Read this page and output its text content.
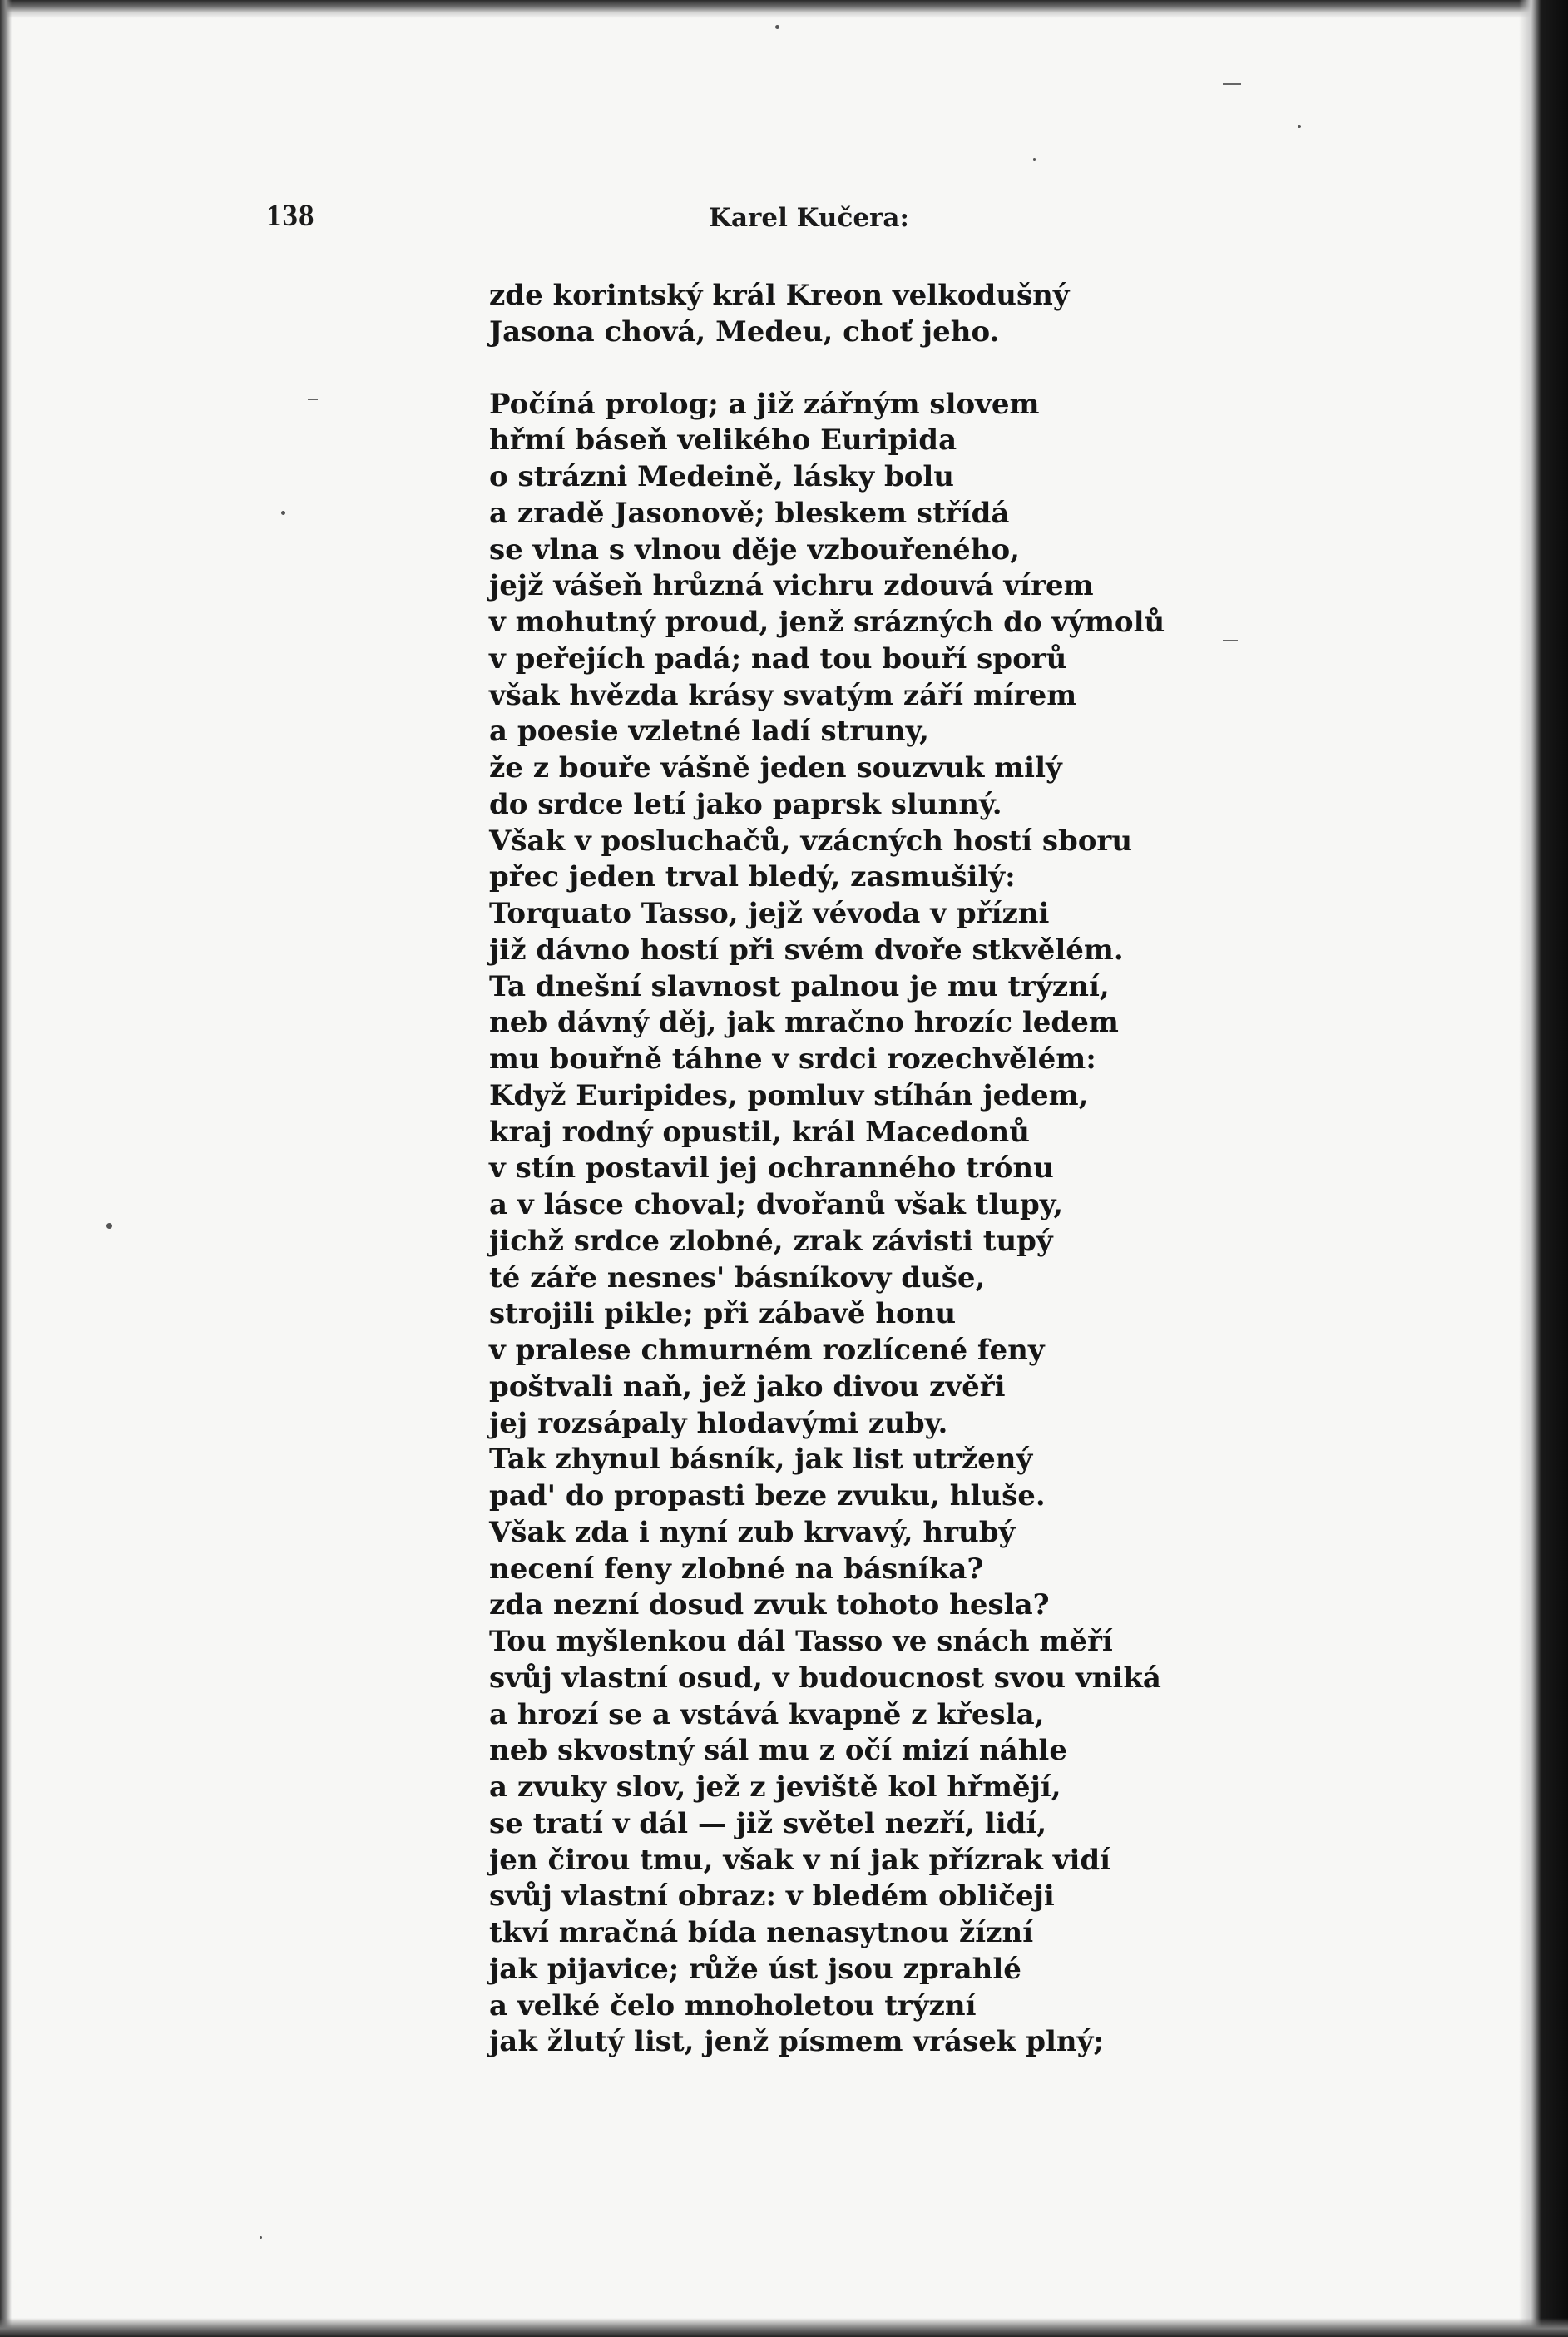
138	Karel Kučera:
zde korintský král Kreon velkodušný
Jasona chová, Medeu, choť jeho.
Počíná prolog; a již zářným slovem
hřmí báseň velikého Euripida
o strázni Medeině, lásky bolu
a zradě Jasonově; bleskem střídá
se vlna s vlnou děje vzbouřeného,
jejž vášeň hrůzná vichru zdouvá vírem
v mohutný proud, jenž srázných do výmolů
v peřejích padá; nad tou bouří sporů
však hvězda krásy svatým září mírem
a poesie vzletné ladí struny,
že z bouře vášně jeden souzvuk milý
do srdce letí jako paprsk slunný.
Však v posluchačů, vzácných hostí sboru
přec jeden trval bledý, zasmušilý:
Torquato Tasso, jejž vévoda v přízni
již dávno hostí při svém dvoře stkvělém.
Ta dnešní slavnost palnou je mu trýzní,
neb dávný děj, jak mračno hrozíc ledem
mu bouřně táhne v srdci rozechvělém:
Když Euripides, pomluv stíhán jedem,
kraj rodný opustil, král Macedonů
v stín postavil jej ochranného trónu
a v lásce choval; dvořanů však tlupy,
jichž srdce zlobné, zrak závisti tupý
té záře nesnes' básníkovy duše,
strojili pikle; při zábavě honu
v pralese chmurném rozlícené feny
poštvali naň, jež jako divou zvěři
jej rozsápaly hlodavými zuby.
Tak zhynul básník, jak list utržený
pad' do propasti beze zvuku, hluše.
Však zda i nyní zub krvavý, hrubý
necení feny zlobné na básníka?
zda nezní dosud zvuk tohoto hesla?
Tou myšlenkou dál Tasso ve snách měří
svůj vlastní osud, v budoucnost svou vniká
a hrozí se a vstává kvapně z křesla,
neb skvostný sál mu z očí mizí náhle
a zvuky slov, jež z jeviště kol hřmějí,
se tratí v dál — již světel nezří, lidí,
jen čirou tmu, však v ní jak přízrak vidí
svůj vlastní obraz: v bledém obličeji
tkví mračná bída nenasytnou žízní
jak pijavice; růže úst jsou zprahlé
a velké čelo mnoholetou trýzní
jak žlutý list, jenž písmem vrásek plný;
